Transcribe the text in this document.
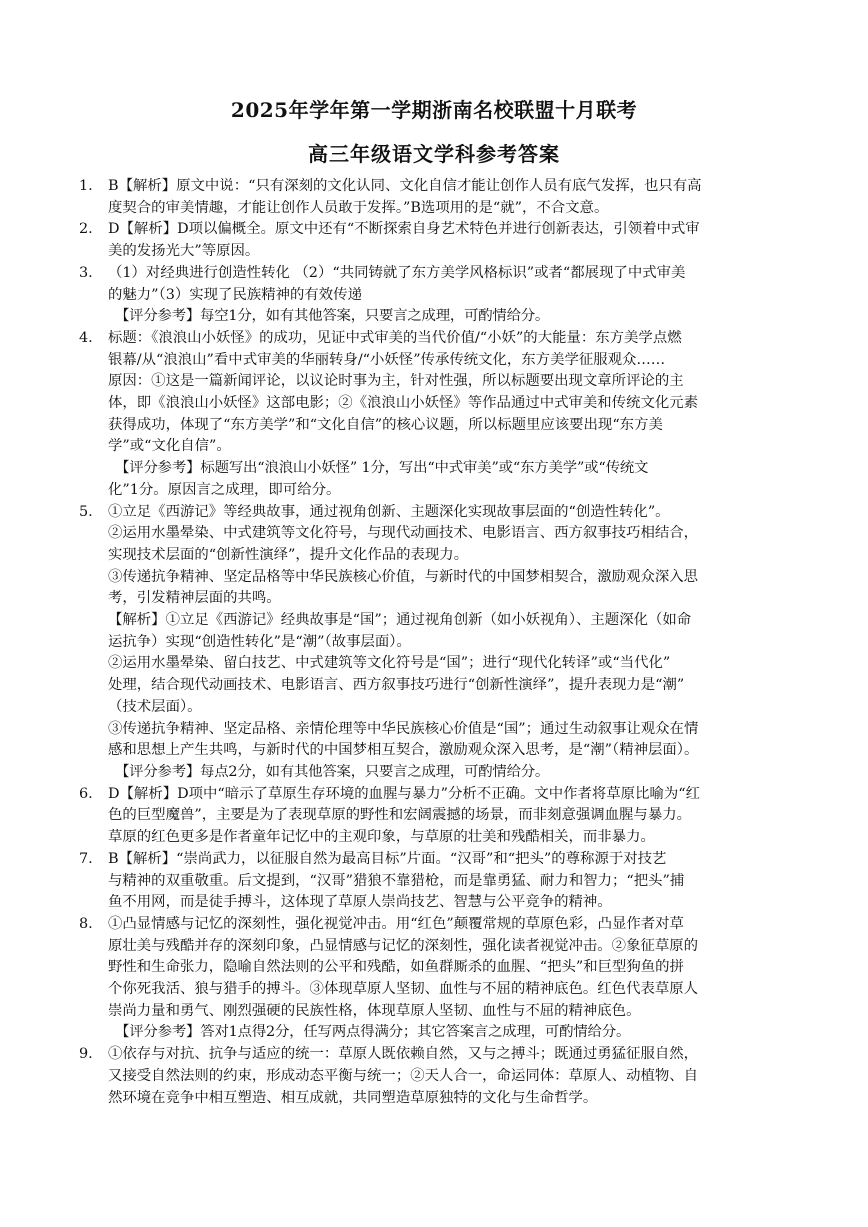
2025年学年第一学期浙南名校联盟十月联考
高三年级语文学科参考答案
1. B【解析】原文中说：“只有深刻的文化认同、文化自信才能让创作人员有底气发挥，也只有高
度契合的审美情趣，才能让创作人员敢于发挥。”B选项用的是“就”，不合文意。
2. D【解析】D项以偏概全。原文中还有“不断探索自身艺术特色并进行创新表达，引领着中式审
美的发扬光大”等原因。
3. （1）对经典进行创造性转化 （2）“共同铸就了东方美学风格标识”或者“都展现了中式审美
的魅力”（3）实现了民族精神的有效传递
【评分参考】每空1分，如有其他答案，只要言之成理，可酌情给分。
4. 标题：《浪浪山小妖怪》的成功，见证中式审美的当代价值/“小妖”的大能量：东方美学点燃
银幕/从“浪浪山”看中式审美的华丽转身/“小妖怪”传承传统文化，东方美学征服观众……
原因：①这是一篇新闻评论，以议论时事为主，针对性强，所以标题要出现文章所评论的主
体，即《浪浪山小妖怪》这部电影；②《浪浪山小妖怪》等作品通过中式审美和传统文化元素
获得成功，体现了“东方美学”和“文化自信”的核心议题，所以标题里应该要出现“东方美
学”或“文化自信”。
【评分参考】标题写出“浪浪山小妖怪” 1分，写出“中式审美”或“东方美学”或“传统文
化”1分。原因言之成理，即可给分。
5. ①立足《西游记》等经典故事，通过视角创新、主题深化实现故事层面的“创造性转化”。
②运用水墨晕染、中式建筑等文化符号，与现代动画技术、电影语言、西方叙事技巧相结合，
实现技术层面的“创新性演绎”，提升文化作品的表现力。
③传递抗争精神、坚定品格等中华民族核心价值，与新时代的中国梦相契合，激励观众深入思
考，引发精神层面的共鸣。
【解析】①立足《西游记》经典故事是“国”；通过视角创新（如小妖视角）、主题深化（如命
运抗争）实现“创造性转化”是“潮”（故事层面）。
②运用水墨晕染、留白技艺、中式建筑等文化符号是“国”；进行“现代化转译”或“当代化”
处理，结合现代动画技术、电影语言、西方叙事技巧进行“创新性演绎”，提升表现力是“潮”
（技术层面）。
③传递抗争精神、坚定品格、亲情伦理等中华民族核心价值是“国”；通过生动叙事让观众在情
感和思想上产生共鸣，与新时代的中国梦相互契合，激励观众深入思考，是“潮”（精神层面）。
【评分参考】每点2分，如有其他答案，只要言之成理，可酌情给分。
6. D【解析】D项中“暗示了草原生存环境的血腥与暴力”分析不正确。文中作者将草原比喻为“红
色的巨型魔兽”，主要是为了表现草原的野性和宏阔震撼的场景，而非刻意强调血腥与暴力。
草原的红色更多是作者童年记忆中的主观印象，与草原的壮美和残酷相关，而非暴力。
7. B【解析】“崇尚武力，以征服自然为最高目标”片面。“汉哥”和“把头”的尊称源于对技艺
与精神的双重敬重。后文提到，“汉哥”猎狼不靠猎枪，而是靠勇猛、耐力和智力；“把头”捕
鱼不用网，而是徒手搏斗，这体现了草原人崇尚技艺、智慧与公平竞争的精神。
8. ①凸显情感与记忆的深刻性，强化视觉冲击。用“红色”颠覆常规的草原色彩，凸显作者对草
原壮美与残酷并存的深刻印象，凸显情感与记忆的深刻性，强化读者视觉冲击。②象征草原的
野性和生命张力，隐喻自然法则的公平和残酷，如鱼群厮杀的血腥、“把头”和巨型狗鱼的拼
个你死我活、狼与猎手的搏斗。③体现草原人坚韧、血性与不屈的精神底色。红色代表草原人
崇尚力量和勇气、刚烈强硬的民族性格，体现草原人坚韧、血性与不屈的精神底色。
【评分参考】答对1点得2分，任写两点得满分；其它答案言之成理，可酌情给分。
9. ①依存与对抗、抗争与适应的统一：草原人既依赖自然，又与之搏斗；既通过勇猛征服自然，
又接受自然法则的约束，形成动态平衡与统一；②天人合一，命运同体：草原人、动植物、自
然环境在竞争中相互塑造、相互成就，共同塑造草原独特的文化与生命哲学。
